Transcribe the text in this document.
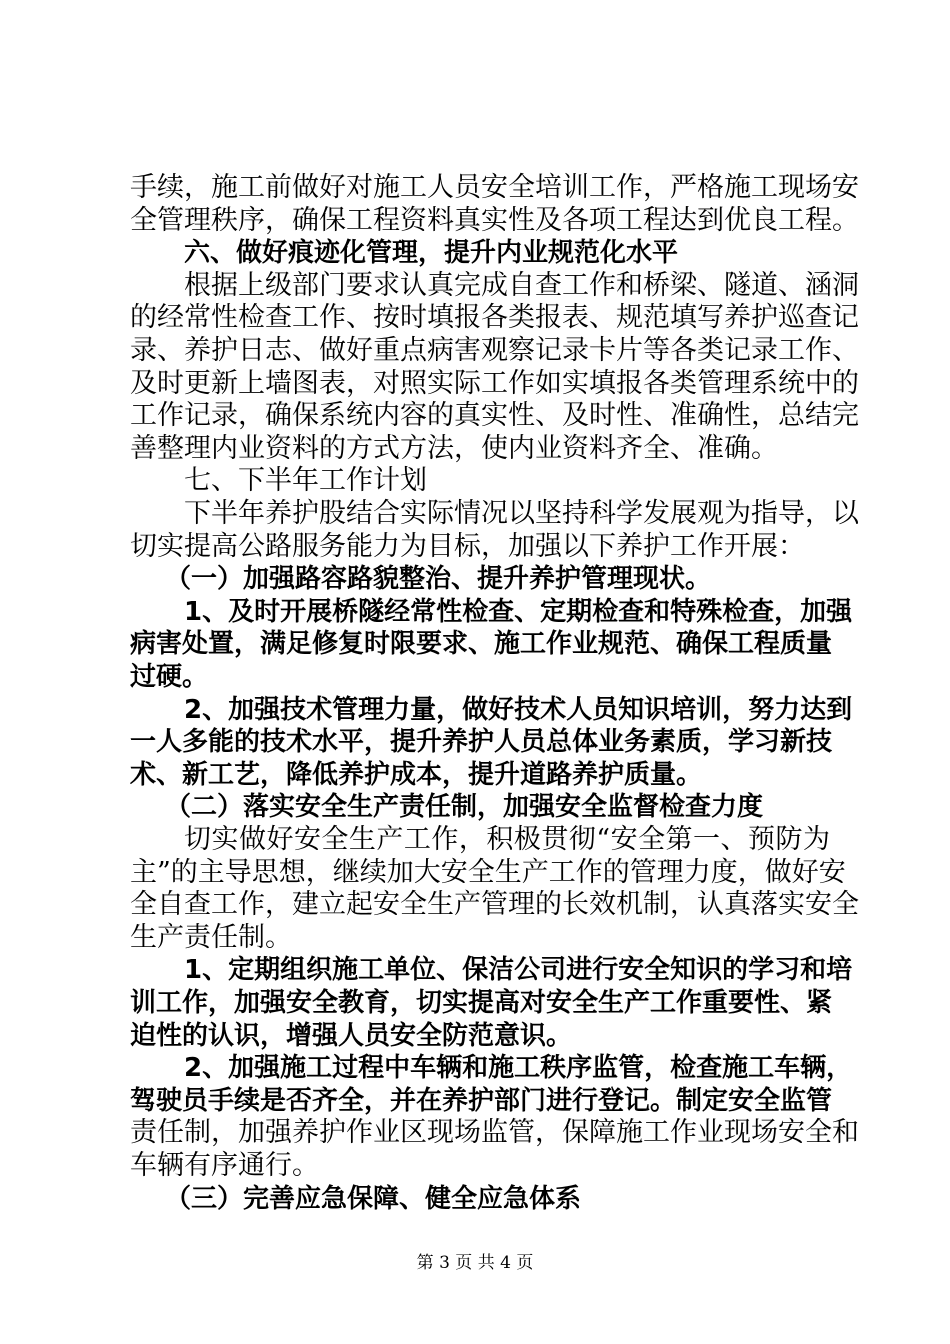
手续，施工前做好对施工人员安全培训工作，严格施工现场安
全管理秩序，确保工程资料真实性及各项工程达到优良工程。
六、做好痕迹化管理，提升内业规范化水平
根据上级部门要求认真完成自查工作和桥梁、隧道、涵洞
的经常性检查工作、按时填报各类报表、规范填写养护巡查记
录、养护日志、做好重点病害观察记录卡片等各类记录工作、
及时更新上墙图表，对照实际工作如实填报各类管理系统中的
工作记录，确保系统内容的真实性、及时性、准确性，总结完
善整理内业资料的方式方法，使内业资料齐全、准确。
七、下半年工作计划
下半年养护股结合实际情况以坚持科学发展观为指导，以
切实提高公路服务能力为目标，加强以下养护工作开展：
（一）加强路容路貌整治、提升养护管理现状。
1、及时开展桥隧经常性检查、定期检查和特殊检查，加强
病害处置，满足修复时限要求、施工作业规范、确保工程质量
过硬。
2、加强技术管理力量，做好技术人员知识培训，努力达到
一人多能的技术水平，提升养护人员总体业务素质，学习新技
术、新工艺，降低养护成本，提升道路养护质量。
（二）落实安全生产责任制，加强安全监督检查力度
切实做好安全生产工作，积极贯彻“安全第一、预防为
主”的主导思想，继续加大安全生产工作的管理力度，做好安
全自查工作，建立起安全生产管理的长效机制，认真落实安全
生产责任制。
1、定期组织施工单位、保洁公司进行安全知识的学习和培
训工作，加强安全教育，切实提高对安全生产工作重要性、紧
迫性的认识，增强人员安全防范意识。
2、加强施工过程中车辆和施工秩序监管，检查施工车辆，
驾驶员手续是否齐全，并在养护部门进行登记。制定安全监管
责任制，加强养护作业区现场监管，保障施工作业现场安全和
车辆有序通行。
（三）完善应急保障、健全应急体系
第 3 页 共 4 页
